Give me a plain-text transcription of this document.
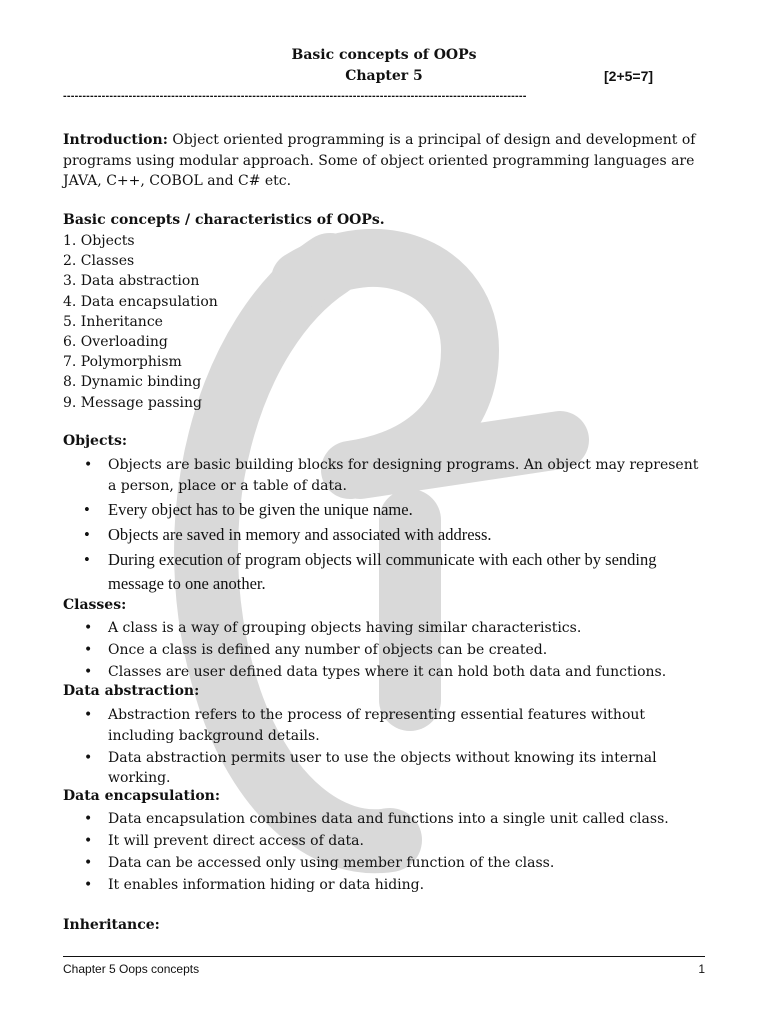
Basic concepts of OOPs
Chapter 5	[2+5=7]
------------------------------------------------------------------------------------------------------------------------
Introduction: Object oriented programming is a principal of design and development of programs using modular approach. Some of object oriented programming languages are JAVA, C++, COBOL and C# etc.
Basic concepts / characteristics of OOPs.
1. Objects
2. Classes
3. Data abstraction
4. Data encapsulation
5. Inheritance
6. Overloading
7. Polymorphism
8. Dynamic binding
9. Message passing
Objects:
• Objects are basic building blocks for designing programs. An object may represent a person, place or a table of data.
• Every object has to be given the unique name.
• Objects are saved in memory and associated with address.
• During execution of program objects will communicate with each other by sending message to one another.
Classes:
• A class is a way of grouping objects having similar characteristics.
• Once a class is defined any number of objects can be created.
• Classes are user defined data types where it can hold both data and functions.
Data abstraction:
• Abstraction refers to the process of representing essential features without including background details.
• Data abstraction permits user to use the objects without knowing its internal working.
Data encapsulation:
• Data encapsulation combines data and functions into a single unit called class.
• It will prevent direct access of data.
• Data can be accessed only using member function of the class.
• It enables information hiding or data hiding.
Inheritance:
Chapter 5 Oops concepts	1
